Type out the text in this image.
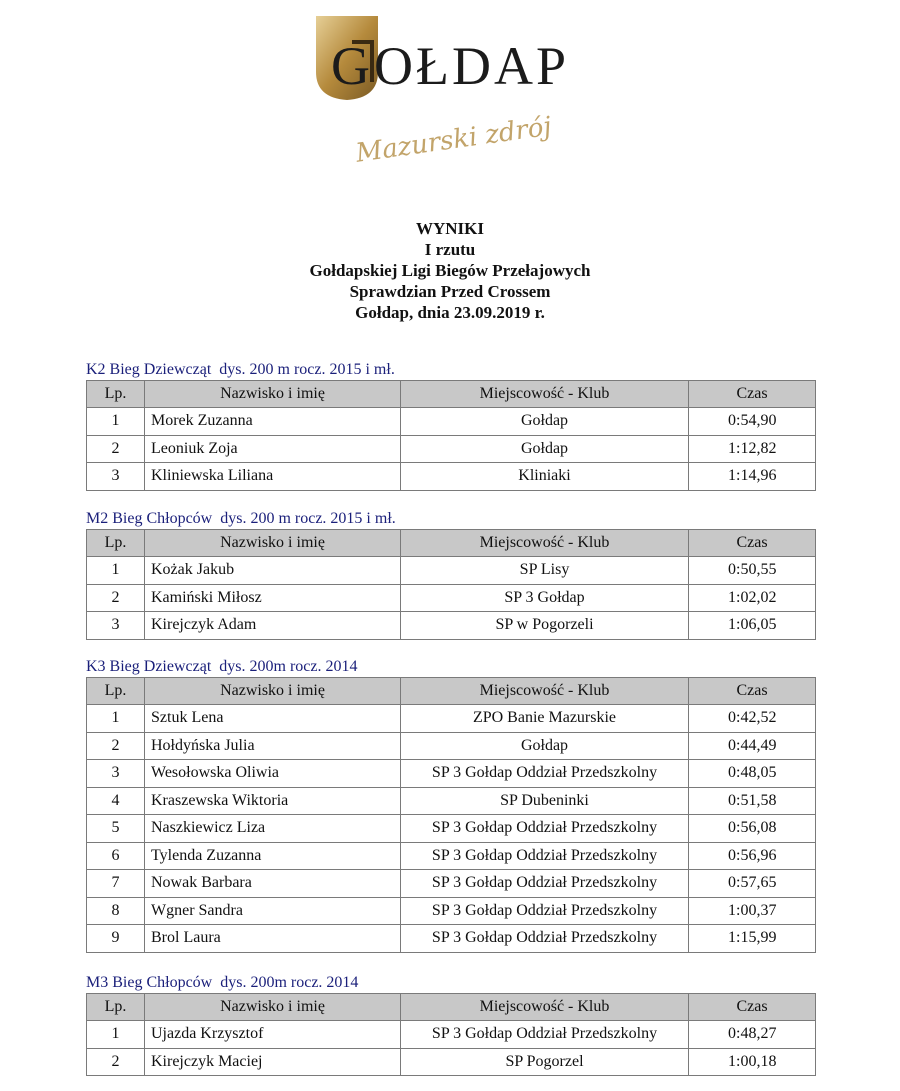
G OŁDAP
Mazurski zdrój
WYNIKI
I rzutu
Gołdapskiej Ligi Biegów Przełajowych
Sprawdzian Przed Crossem
Gołdap, dnia 23.09.2019 r.
K2 Bieg Dziewcząt  dys. 200 m rocz. 2015 i mł.
Lp.	Nazwisko i imię	Miejscowość - Klub	Czas
1	Morek Zuzanna	Gołdap	0:54,90
2	Leoniuk Zoja	Gołdap	1:12,82
3	Kliniewska Liliana	Kliniaki	1:14,96
M2 Bieg Chłopców  dys. 200 m rocz. 2015 i mł.
Lp.	Nazwisko i imię	Miejscowość - Klub	Czas
1	Kożak Jakub	SP Lisy	0:50,55
2	Kamiński Miłosz	SP 3 Gołdap	1:02,02
3	Kirejczyk Adam	SP w Pogorzeli	1:06,05
K3 Bieg Dziewcząt  dys. 200m rocz. 2014
Lp.	Nazwisko i imię	Miejscowość - Klub	Czas
1	Sztuk Lena	ZPO Banie Mazurskie	0:42,52
2	Hołdyńska Julia	Gołdap	0:44,49
3	Wesołowska Oliwia	SP 3 Gołdap Oddział Przedszkolny	0:48,05
4	Kraszewska Wiktoria	SP Dubeninki	0:51,58
5	Naszkiewicz Liza	SP 3 Gołdap Oddział Przedszkolny	0:56,08
6	Tylenda Zuzanna	SP 3 Gołdap Oddział Przedszkolny	0:56,96
7	Nowak Barbara	SP 3 Gołdap Oddział Przedszkolny	0:57,65
8	Wgner Sandra	SP 3 Gołdap Oddział Przedszkolny	1:00,37
9	Brol Laura	SP 3 Gołdap Oddział Przedszkolny	1:15,99
M3 Bieg Chłopców  dys. 200m rocz. 2014
Lp.	Nazwisko i imię	Miejscowość - Klub	Czas
1	Ujazda Krzysztof	SP 3 Gołdap Oddział Przedszkolny	0:48,27
2	Kirejczyk Maciej	SP Pogorzel	1:00,18
